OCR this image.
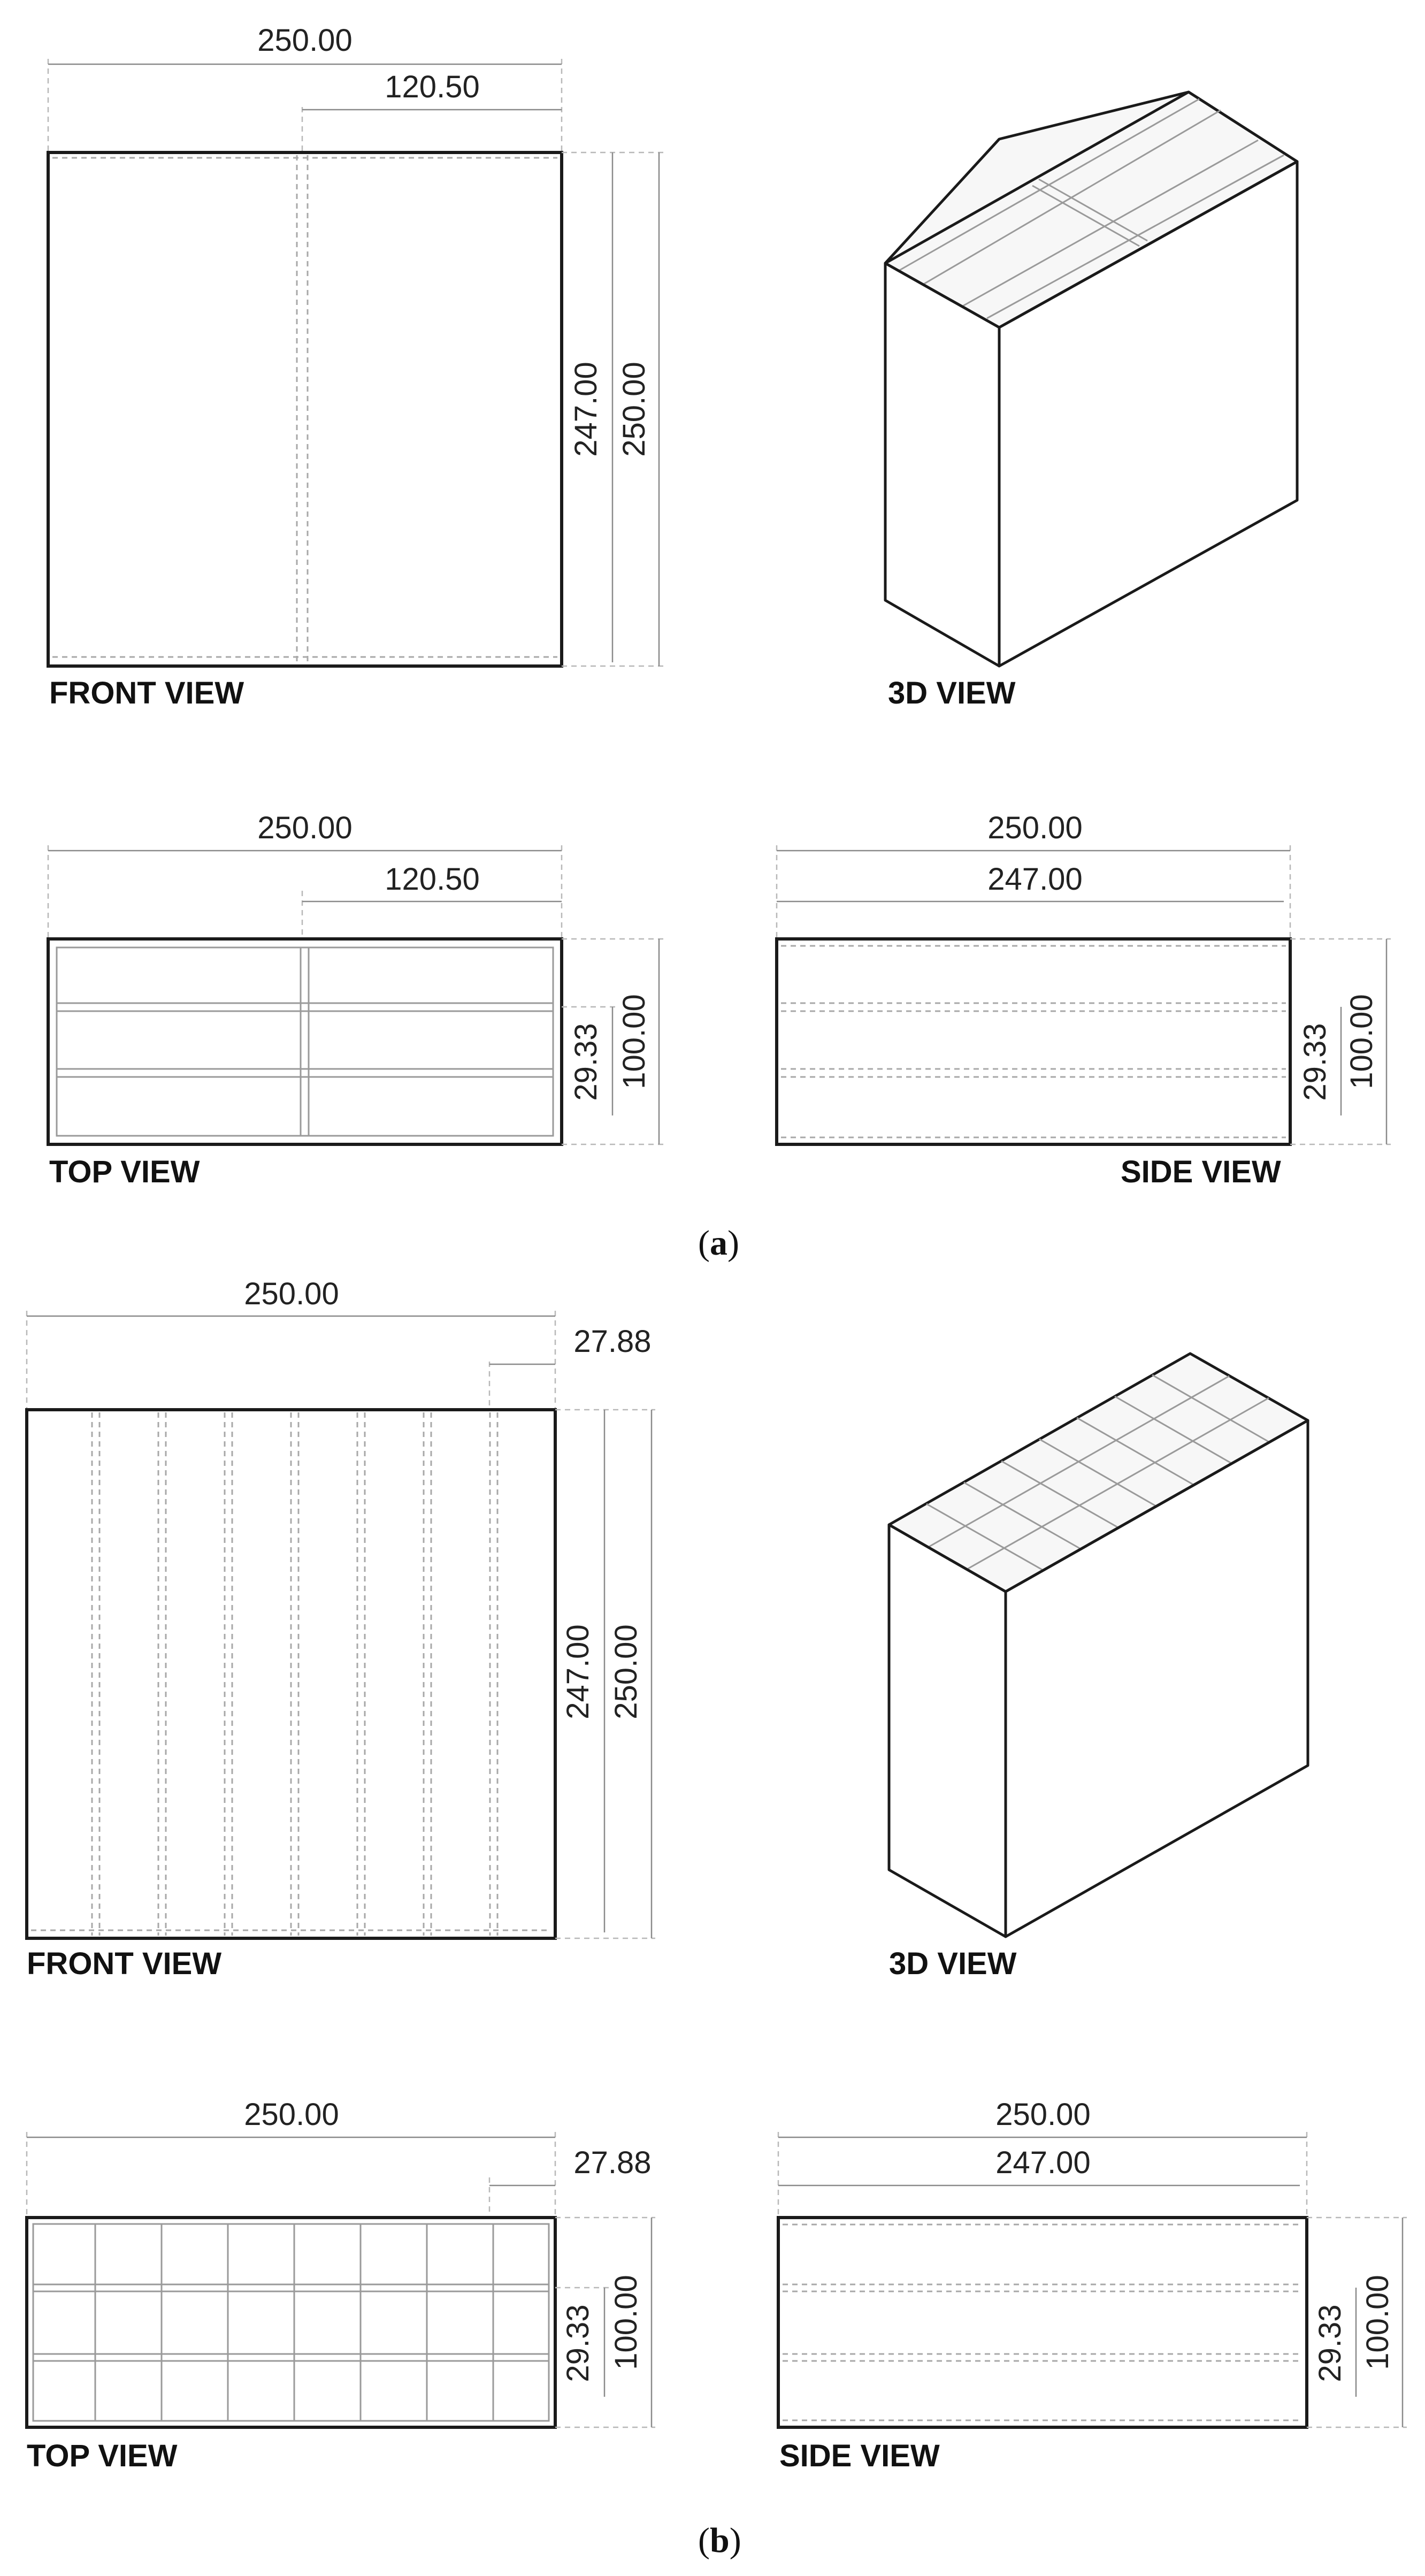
250.00
120.50
247.00 250.00
FRONT VIEW	3D VIEW
250.00
120.50
29.33 100.00
TOP VIEW
250.00
247.00
29.33 100.00
SIDE VIEW
(a)
250.00
27.88
247.00 250.00
FRONT VIEW	3D VIEW
250.00
27.88
29.33 100.00
TOP VIEW
250.00
247.00
29.33 100.00
SIDE VIEW
(b)
